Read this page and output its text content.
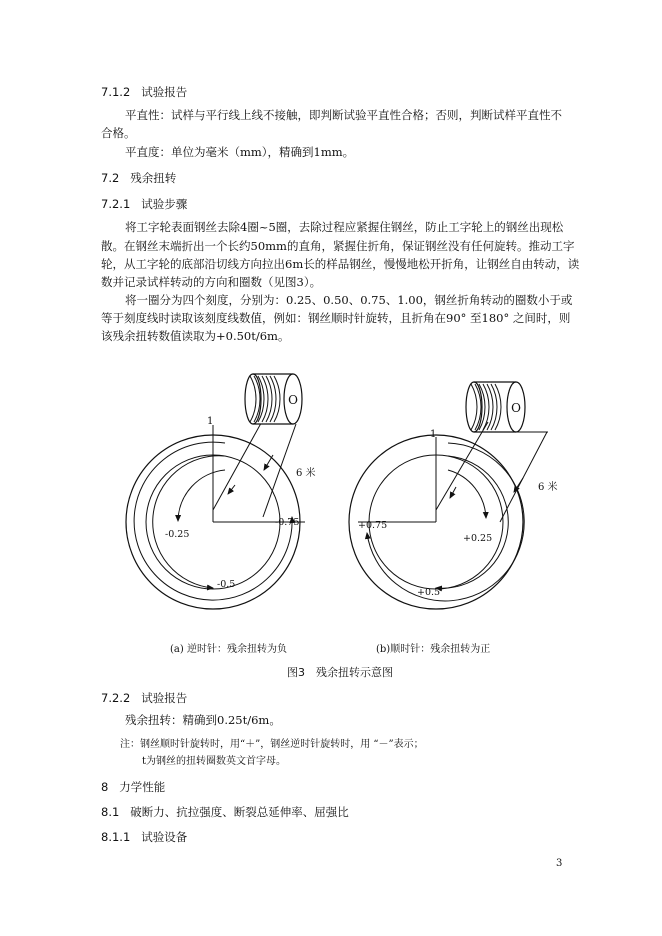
7.1.2 试验报告
平直性：试样与平行线上线不接触，即判断试验平直性合格；否则，判断试样平直性不
合格。
平直度：单位为毫米（mm），精确到1mm。
7.2 残余扭转
7.2.1 试验步骤
将工字轮表面钢丝去除4圈~5圈，去除过程应紧握住钢丝，防止工字轮上的钢丝出现松
散。在钢丝末端折出一个长约50mm的直角，紧握住折角，保证钢丝没有任何旋转。推动工字
轮，从工字轮的底部沿切线方向拉出6m长的样品钢丝，慢慢地松开折角，让钢丝自由转动，读
数并记录试样转动的方向和圈数（见图3）。
将一圈分为四个刻度，分别为：0.25、0.50、0.75、1.00，钢丝折角转动的圈数小于或
等于刻度线时读取该刻度线数值，例如：钢丝顺时针旋转，且折角在90° 至180° 之间时，则
该残余扭转数值读取为+0.50t/6m。
O
1
6 米
-0.75
-0.25
-0.5
O
1
6 米
+0.75
+0.25
+0.5
(a) 逆时针：残余扭转为负	(b)顺时针：残余扭转为正
图3　残余扭转示意图
7.2.2 试验报告
残余扭转：精确到0.25t/6m。
注：钢丝顺时针旋转时，用“＋”，钢丝逆时针旋转时，用 “－”表示；
t为钢丝的扭转圈数英文首字母。
8 力学性能
8.1 破断力、抗拉强度、断裂总延伸率、屈强比
8.1.1 试验设备
3
